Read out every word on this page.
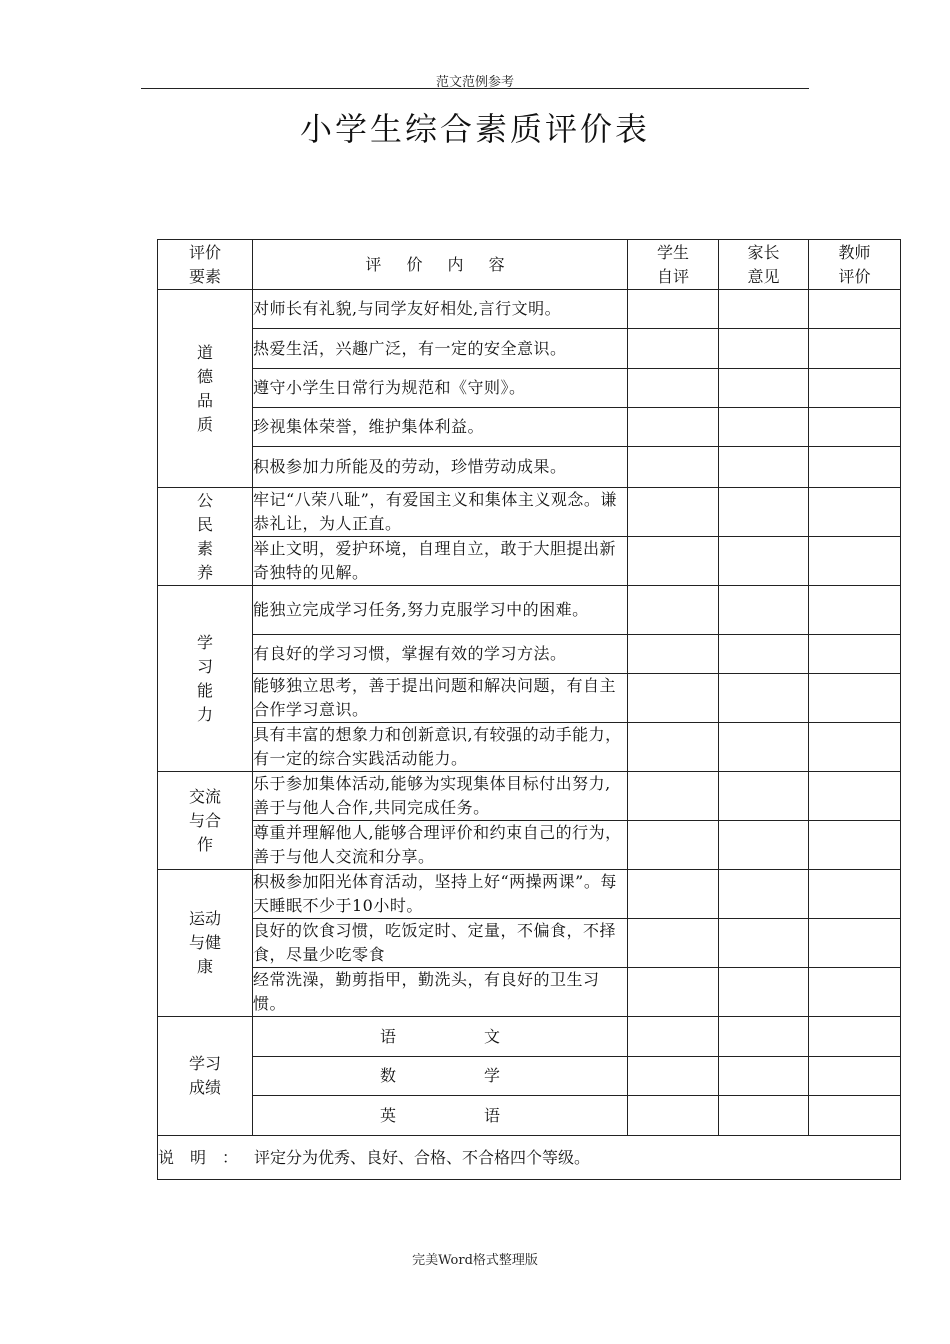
范文范例参考
小学生综合素质评价表
评价要素	评 价 内 容	学生自评	家长意见	教师评价
道德品质	对师长有礼貌,与同学友好相处,言行文明。			
	热爱生活，兴趣广泛，有一定的安全意识。			
	遵守小学生日常行为规范和《守则》。			
	珍视集体荣誉，维护集体利益。			
	积极参加力所能及的劳动，珍惜劳动成果。			
公民素养	牢记“八荣八耻”，有爱国主义和集体主义观念。谦恭礼让，为人正直。			
	举止文明，爱护环境，自理自立，敢于大胆提出新奇独特的见解。			
学习能力	能独立完成学习任务,努力克服学习中的困难。			
	有良好的学习习惯，掌握有效的学习方法。			
	能够独立思考，善于提出问题和解决问题，有自主合作学习意识。			
	具有丰富的想象力和创新意识,有较强的动手能力，有一定的综合实践活动能力。			
交流与合作	乐于参加集体活动,能够为实现集体目标付出努力,善于与他人合作,共同完成任务。			
	尊重并理解他人,能够合理评价和约束自己的行为，善于与他人交流和分享。			
运动与健康	积极参加阳光体育活动，坚持上好“两操两课”。每天睡眠不少于10小时。			
	良好的饮食习惯，吃饭定时、定量，不偏食，不择食，尽量少吃零食			
	经常洗澡，勤剪指甲，勤洗头，有良好的卫生习惯。			
学习成绩	语文			
	数学			
	英语			
说明：评定分为优秀、良好、合格、不合格四个等级。				
完美Word格式整理版
